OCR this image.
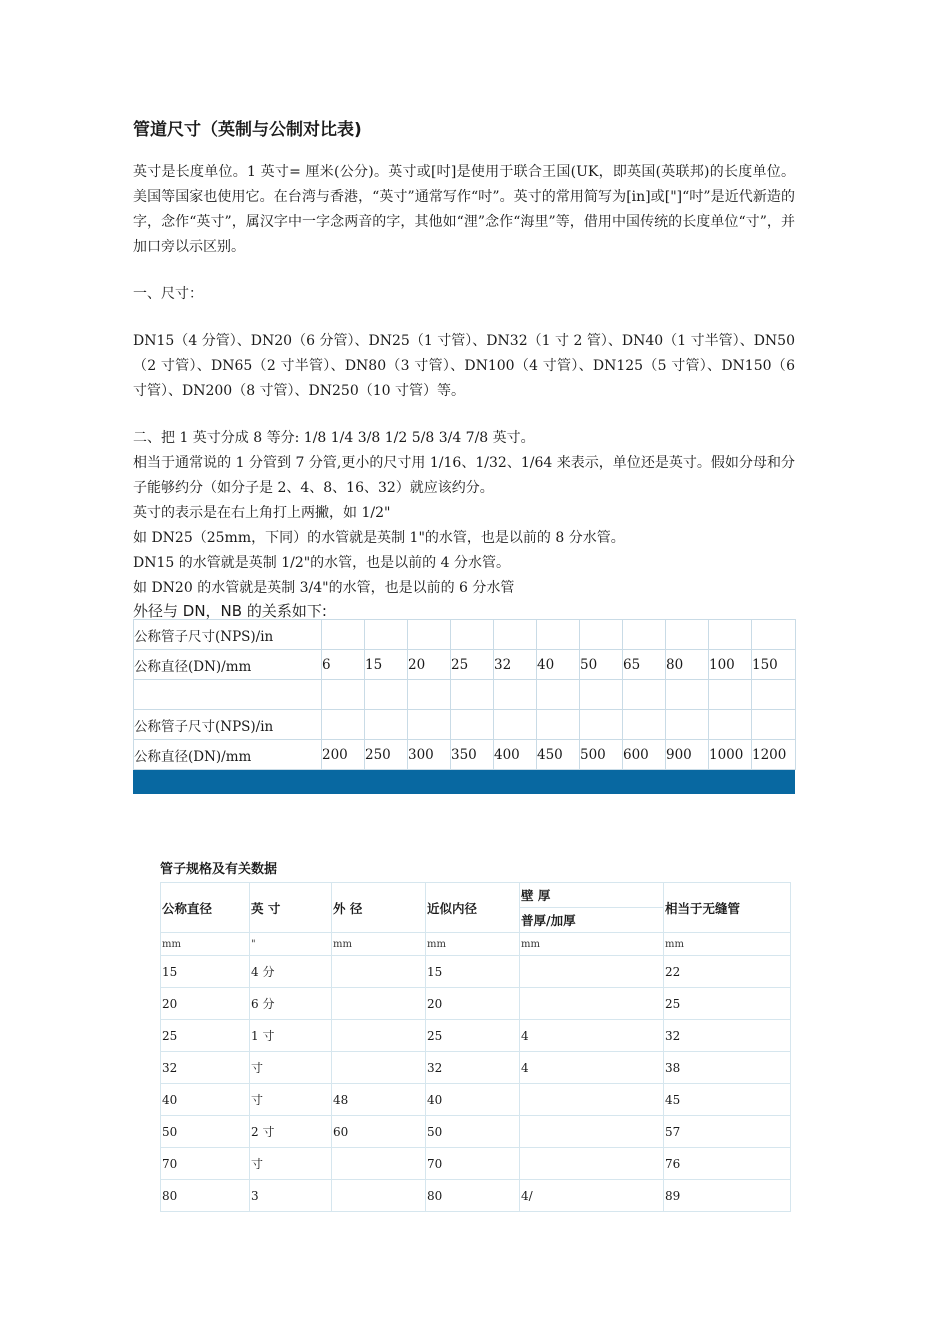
管道尺寸（英制与公制对比表)

英寸是长度单位。1 英寸= 厘米(公分)。英寸或[吋]是使用于联合王国(UK，即英国(英联邦)的长度单位。美国等国家也使用它。在台湾与香港，“英寸”通常写作“吋”。英寸的常用简写为[in]或["]“吋”是近代新造的字，念作“英寸”，属汉字中一字念两音的字，其他如“浬”念作“海里”等，借用中国传统的长度单位“寸”，并加口旁以示区别。

一、尺寸：

DN15（4 分管）、DN20（6 分管）、DN25（1 寸管）、DN32（1 寸 2 管）、DN40（1 寸半管）、DN50（2 寸管）、DN65（2 寸半管）、DN80（3 寸管）、DN100（4 寸管）、DN125（5 寸管）、DN150（6 寸管）、DN200（8 寸管）、DN250（10 寸管）等。

二、把 1 英寸分成 8 等分: 1/8 1/4 3/8 1/2 5/8 3/4 7/8 英寸。

相当于通常说的 1 分管到 7 分管,更小的尺寸用 1/16、1/32、1/64 来表示，单位还是英寸。假如分母和分子能够约分（如分子是 2、4、8、16、32）就应该约分。

英寸的表示是在右上角打上两撇，如 1/2"

如 DN25（25mm，下同）的水管就是英制 1"的水管，也是以前的 8 分水管。

DN15 的水管就是英制 1/2"的水管，也是以前的 4 分水管。

如 DN20 的水管就是英制 3/4"的水管，也是以前的 6 分水管

外径与 DN，NB 的关系如下:

公称管子尺寸(NPS)/in											
公称直径(DN)/mm	6	15	20	25	32	40	50	65	80	100	150

公称管子尺寸(NPS)/in											
公称直径(DN)/mm	200	250	300	350	400	450	500	600	900	1000	1200

管子规格及有关数据

公称直径	英 寸	外 径	近似内径	壁 厚	相当于无缝管
				普厚/加厚	
mm	"	mm	mm	mm	mm
15	4 分		15		22
20	6 分		20		25
25	1 寸		25	4	32
32	寸		32	4	38
40	寸	48	40		45
50	2 寸	60	50		57
70	寸		70		76
80	3		80	4/	89
